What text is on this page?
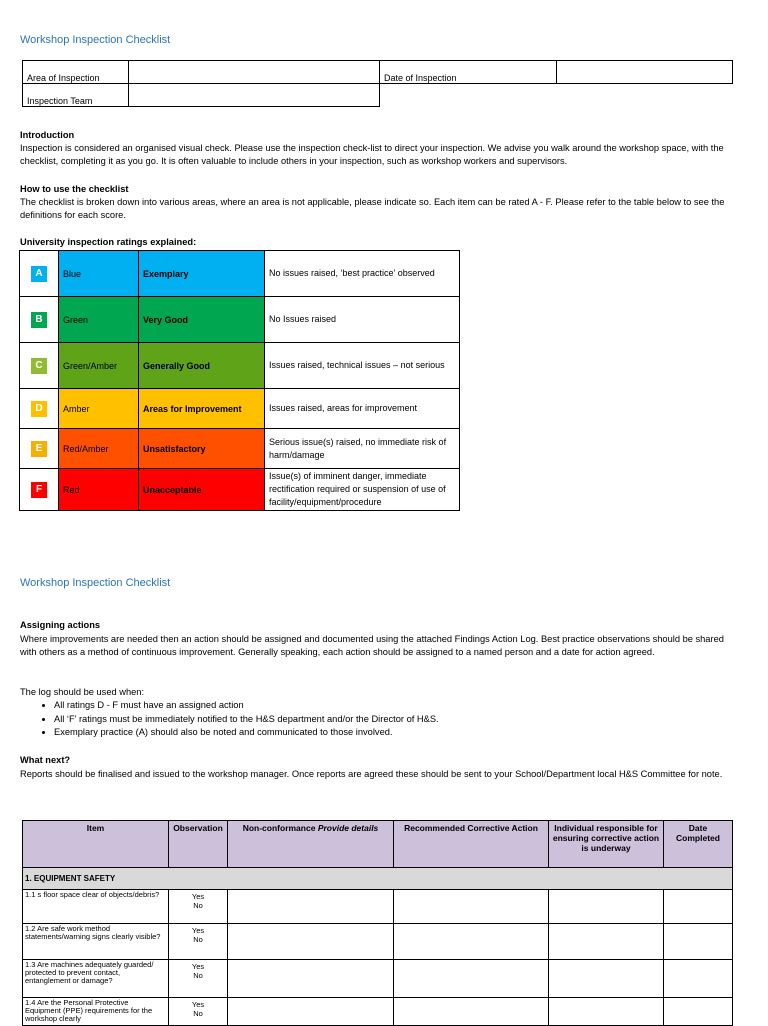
Workshop Inspection Checklist
Area of Inspection		Date of Inspection	
Inspection Team			
Introduction
Inspection is considered an organised visual check. Please use the inspection check-list to direct your inspection. We advise you walk around the workshop space, with the checklist, completing it as you go. It is often valuable to include others in your inspection, such as workshop workers and supervisors.
How to use the checklist
The checklist is broken down into various areas, where an area is not applicable, please indicate so. Each item can be rated A - F. Please refer to the table below to see the definitions for each score.
University inspection ratings explained:
A	Blue	Exemplary	No issues raised, ‘best practice’ observed
B	Green	Very Good	No Issues raised
C	Green/Amber	Generally Good	Issues raised, technical issues – not serious
D	Amber	Areas for Improvement	Issues raised, areas for improvement
E	Red/Amber	Unsatisfactory	Serious issue(s) raised, no immediate risk of harm/damage
F	Red	Unacceptable	Issue(s) of imminent danger, immediate rectification required or suspension of use of facility/equipment/procedure
Workshop Inspection Checklist
Assigning actions
Where improvements are needed then an action should be assigned and documented using the attached Findings Action Log. Best practice observations should be shared with others as a method of continuous improvement. Generally speaking, each action should be assigned to a named person and a date for action agreed.
The log should be used when:
• All ratings D - F must have an assigned action
• All ‘F’ ratings must be immediately notified to the H&S department and/or the Director of H&S.
• Exemplary practice (A) should also be noted and communicated to those involved.
What next?
Reports should be finalised and issued to the workshop manager. Once reports are agreed these should be sent to your School/Department local H&S Committee for note.
Item	Observation	Non-conformance Provide details	Recommended Corrective Action	Individual responsible for ensuring corrective action is underway	Date Completed
1. EQUIPMENT SAFETY					
1.1 s floor space clear of objects/debris?	Yes
No				

1.2 Are safe work method statements/warning signs clearly visible?	Yes
No				

1.3 Are machines adequately guarded/ protected to prevent contact, entanglement or damage?	Yes
No				

1.4 Are the Personal Protective Equipment (PPE) requirements for the workshop clearly	Yes
No				
